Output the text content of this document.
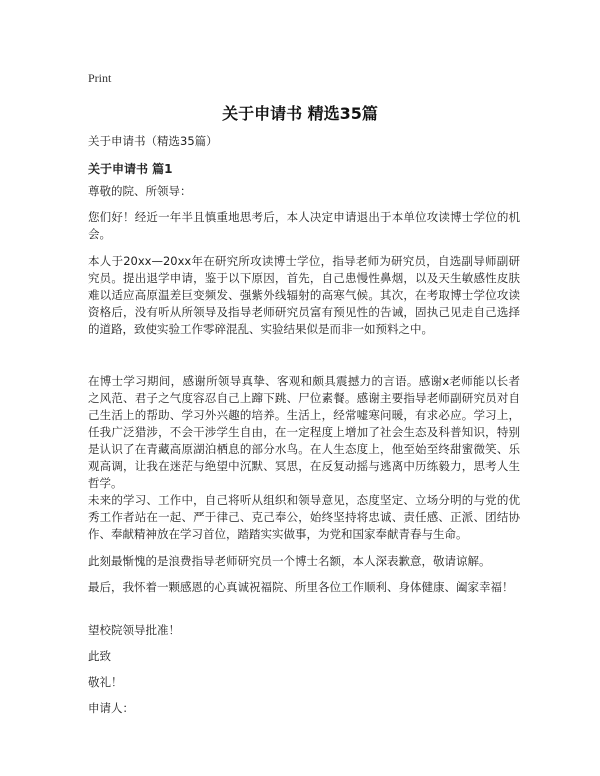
Print
关于申请书 精选35篇
关于申请书（精选35篇）
关于申请书 篇1

尊敬的院、所领导：

您们好！经近一年半且慎重地思考后，本人决定申请退出于本单位攻读博士学位的机会。

本人于20xx—20xx年在研究所攻读博士学位，指导老师为研究员，自选副导师副研究员。提出退学申请，鉴于以下原因，首先，自己患慢性鼻烟，以及天生敏感性皮肤难以适应高原温差巨变频发、强紫外线辐射的高寒气候。其次，在考取博士学位攻读资格后，没有听从所领导及指导老师研究员富有预见性的告诫，固执己见走自己选择的道路，致使实验工作零碎混乱、实验结果似是而非一如预料之中。

在博士学习期间，感谢所领导真挚、客观和颇具震撼力的言语。感谢x老师能以长者之风范、君子之气度容忍自己上蹿下跳、尸位素餐。感谢主要指导老师副研究员对自己生活上的帮助、学习外兴趣的培养。生活上，经常嘘寒问暖，有求必应。学习上，任我广泛猎涉，不会干涉学生自由，在一定程度上增加了社会生态及科普知识，特别是认识了在青藏高原湖泊栖息的部分水鸟。在人生态度上，他至始至终甜蜜微笑、乐观高调，让我在迷茫与绝望中沉默、冥思，在反复动摇与逃离中历练毅力，思考人生哲学。

未来的学习、工作中，自己将听从组织和领导意见，态度坚定、立场分明的与党的优秀工作者站在一起、严于律己、克己奉公，始终坚持将忠诚、责任感、正派、团结协作、奉献精神放在学习首位，踏踏实实做事，为党和国家奉献青春与生命。

此刻最惭愧的是浪费指导老师研究员一个博士名额，本人深表歉意，敬请谅解。

最后，我怀着一颗感恩的心真诚祝福院、所里各位工作顺利、身体健康、阖家幸福！

望校院领导批准！

此致

敬礼！

申请人：
